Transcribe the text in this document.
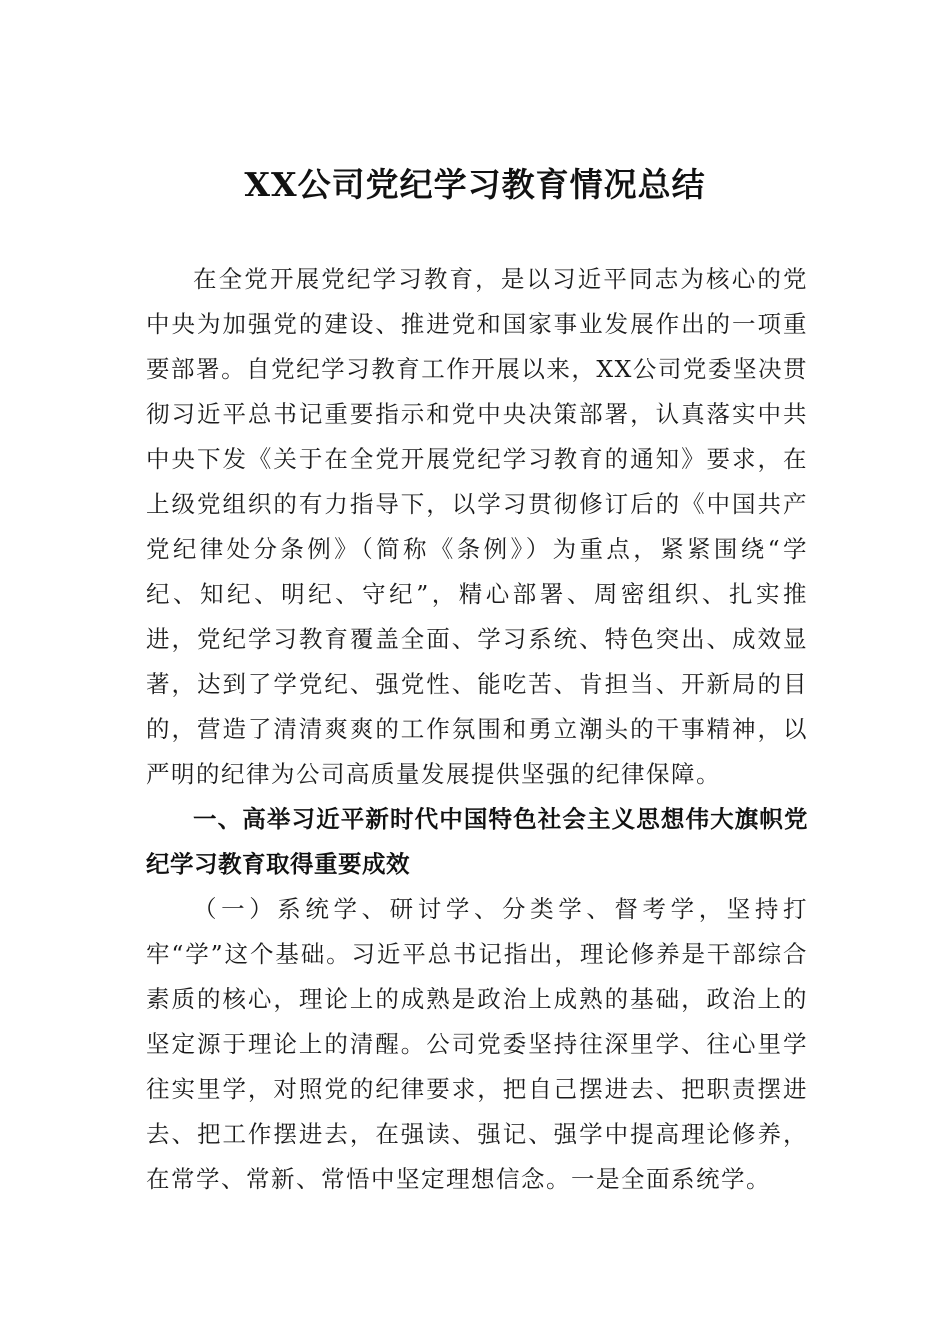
XX公司党纪学习教育情况总结

在全党开展党纪学习教育，是以习近平同志为核心的党中央为加强党的建设、推进党和国家事业发展作出的一项重要部署。自党纪学习教育工作开展以来，XX公司党委坚决贯彻习近平总书记重要指示和党中央决策部署，认真落实中共中央下发《关于在全党开展党纪学习教育的通知》要求，在上级党组织的有力指导下，以学习贯彻修订后的《中国共产党纪律处分条例》（简称《条例》）为重点，紧紧围绕“学纪、知纪、明纪、守纪”，精心部署、周密组织、扎实推进，党纪学习教育覆盖全面、学习系统、特色突出、成效显著，达到了学党纪、强党性、能吃苦、肯担当、开新局的目的，营造了清清爽爽的工作氛围和勇立潮头的干事精神，以严明的纪律为公司高质量发展提供坚强的纪律保障。

一、高举习近平新时代中国特色社会主义思想伟大旗帜党纪学习教育取得重要成效

（一）系统学、研讨学、分类学、督考学，坚持打牢“学”这个基础。习近平总书记指出，理论修养是干部综合素质的核心，理论上的成熟是政治上成熟的基础，政治上的坚定源于理论上的清醒。公司党委坚持往深里学、往心里学往实里学，对照党的纪律要求，把自己摆进去、把职责摆进去、把工作摆进去，在强读、强记、强学中提高理论修养，在常学、常新、常悟中坚定理想信念。一是全面系统学。
